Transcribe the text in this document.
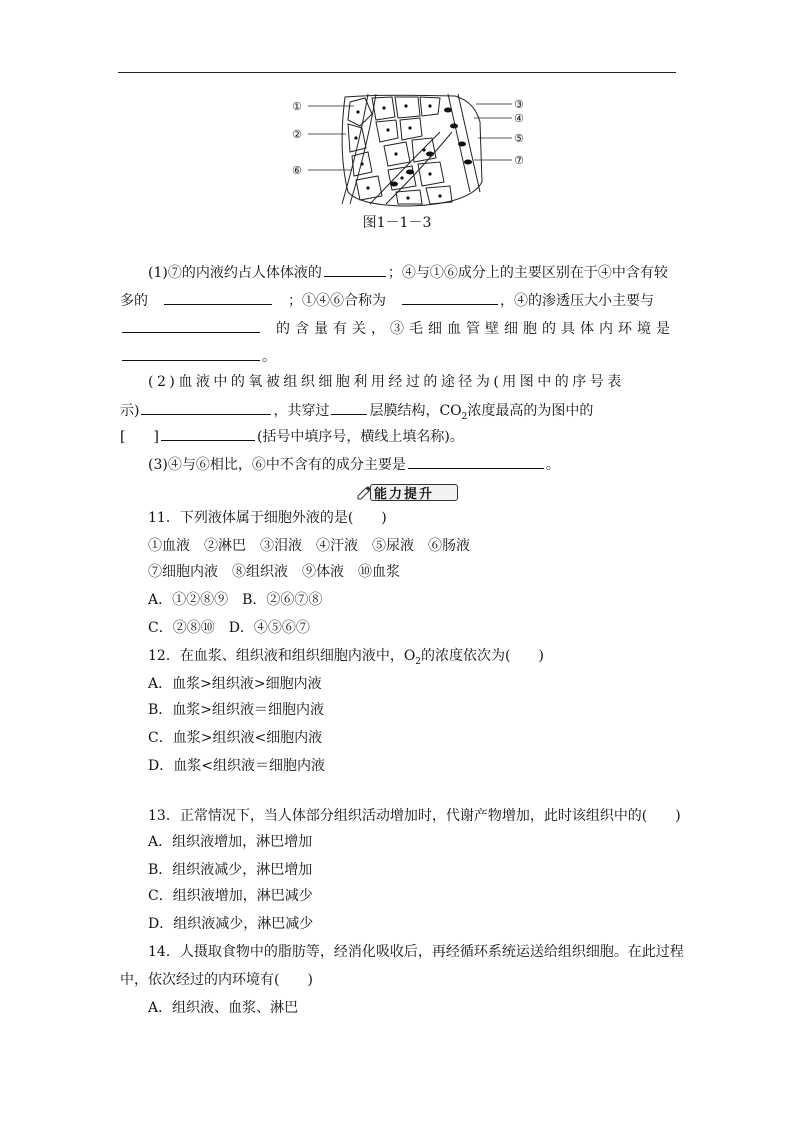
①
②
⑥
③
④
⑤
⑦
图1－1－3
(1)⑦的内液约占人体体液的	；④与①⑥成分上的主要区别在于④中含有较
多的　　	；①④⑥合称为　	，④的渗透压大小主要与
　的含量有关，③毛细血管壁细胞的具体内环境是
。
(2)血液中的氧被组织细胞利用经过的途径为(用图中的序号表
示)	，共穿过	层膜结构，$CO_2$浓度最高的为图中的
[　　]	(括号中填序号，横线上填名称)。
(3)④与⑥相比，⑥中不含有的成分主要是	。
能力提升
11．下列液体属于细胞外液的是(　　)
①血液　②淋巴　③泪液　④汗液　⑤尿液　⑥肠液
⑦细胞内液　⑧组织液　⑨体液　⑩血浆
A．①②⑧⑨　B．②⑥⑦⑧
C．②⑧⑩　D．④⑤⑥⑦
12．在血浆、组织液和组织细胞内液中，$O_2$的浓度依次为(　　)
A．血浆>组织液>细胞内液
B．血浆>组织液＝细胞内液
C．血浆>组织液<细胞内液
D．血浆<组织液＝细胞内液
13．正常情况下，当人体部分组织活动增加时，代谢产物增加，此时该组织中的(　　)
A．组织液增加，淋巴增加
B．组织液减少，淋巴增加
C．组织液增加，淋巴减少
D．组织液减少，淋巴减少
14．人摄取食物中的脂肪等，经消化吸收后，再经循环系统运送给组织细胞。在此过程
中，依次经过的内环境有(　　)
A．组织液、血浆、淋巴
